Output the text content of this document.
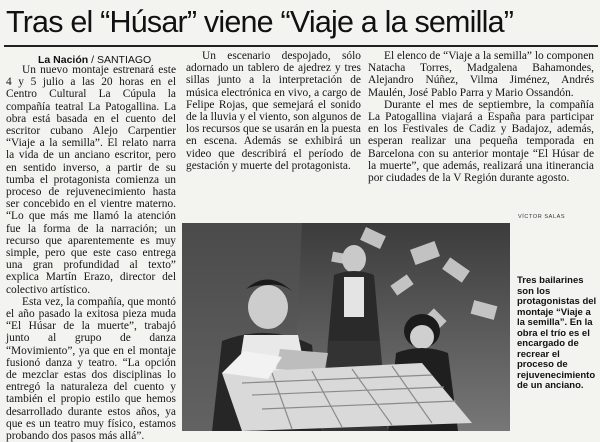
Tras el “Húsar” viene “Viaje a la semilla”
La Nación / SANTIAGO

Un nuevo montaje estrenará este 4 y 5 julio a las 20 horas en el Centro Cultural La Cúpula la compañía teatral La Patogallina. La obra está basada en el cuento del escritor cubano Alejo Carpentier “Viaje a la semilla”. El relato narra la vida de un anciano escritor, pero en sentido inverso, a partir de su tumba el protagonista comienza un proceso de rejuvenecimiento hasta ser concebido en el vientre materno. “Lo que más me llamó la atención fue la forma de la narración; un recurso que aparentemente es muy simple, pero que este caso entrega una gran profundidad al texto” explica Martín Erazo, director del colectivo artístico.

Esta vez, la compañía, que montó el año pasado la exitosa pieza muda “El Húsar de la muerte”, trabajó junto al grupo de danza “Movimiento”, ya que en el montaje fusionó danza y teatro. “La opción de mezclar estas dos disciplinas lo entregó la naturaleza del cuento y también el propio estilo que hemos desarrollado durante estos años, ya que es un teatro muy físico, estamos probando dos pasos más allá”.

Un escenario despojado, sólo adornado un tablero de ajedrez y tres sillas junto a la interpretación de música electrónica en vivo, a cargo de Felipe Rojas, que semejará el sonido de la lluvia y el viento, son algunos de los recursos que se usarán en la puesta en escena. Además se exhibirá un video que describirá el período de gestación y muerte del protagonista.

El elenco de “Viaje a la semilla” lo componen Natacha Torres, Madgalena Bahamondes, Alejandro Núñez, Vilma Jiménez, Andrés Maulén, José Pablo Parra y Mario Ossandón.

Durante el mes de septiembre, la compañía La Patogallina viajará a España para participar en los Festivales de Cadiz y Badajoz, además, esperan realizar una pequeña temporada en Barcelona con su anterior montaje “El Húsar de la muerte”, que además, realizará una itinerancia por ciudades de la V Región durante agosto.

VÍCTOR SALAS
Tres bailarines son los protagonistas del montaje “Viaje a la semilla”. En la obra el trío es el encargado de recrear el proceso de rejuvenecimiento de un anciano.
